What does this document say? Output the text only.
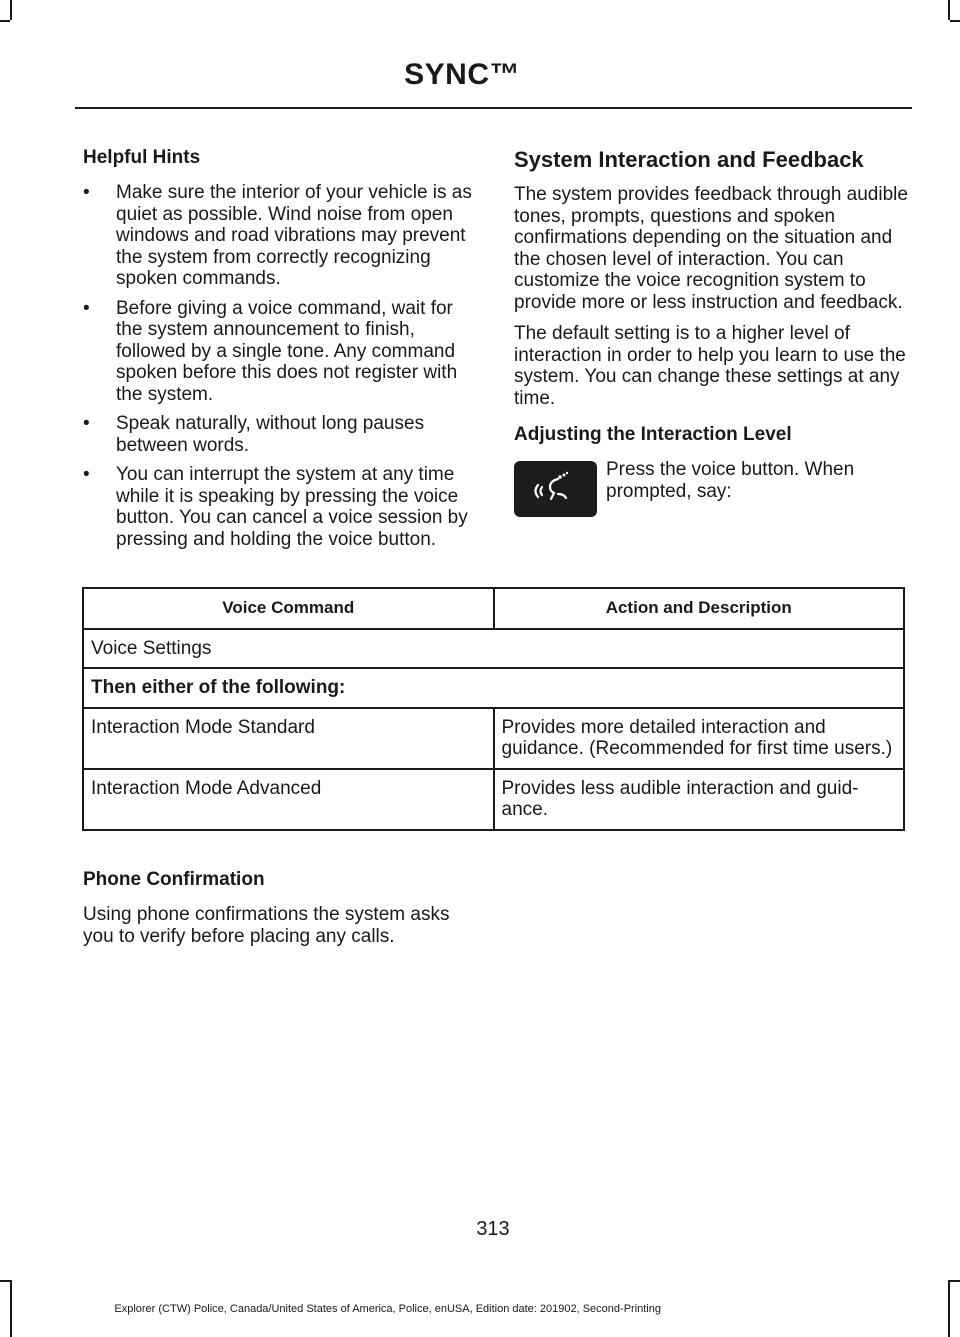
SYNC™
Helpful Hints
• Make sure the interior of your vehicle is as quiet as possible. Wind noise from open windows and road vibrations may prevent the system from correctly recognizing spoken commands.
• Before giving a voice command, wait for the system announcement to finish, followed by a single tone. Any command spoken before this does not register with the system.
• Speak naturally, without long pauses between words.
• You can interrupt the system at any time while it is speaking by pressing the voice button. You can cancel a voice session by pressing and holding the voice button.
System Interaction and Feedback

The system provides feedback through audible tones, prompts, questions and spoken confirmations depending on the situation and the chosen level of interaction. You can customize the voice recognition system to provide more or less instruction and feedback.

The default setting is to a higher level of interaction in order to help you learn to use the system. You can change these settings at any time.

Adjusting the Interaction Level
Press the voice button. When prompted, say:
Voice Command	Action and Description
Voice Settings	
Then either of the following:	
Interaction Mode Standard	Provides more detailed interaction and guidance. (Recommended for first time users.)
Interaction Mode Advanced	Provides less audible interaction and guid-ance.
Phone Confirmation

Using phone confirmations the system asks you to verify before placing any calls.

313
Explorer (CTW) Police, Canada/United States of America, Police, enUSA, Edition date: 201902, Second-Printing
